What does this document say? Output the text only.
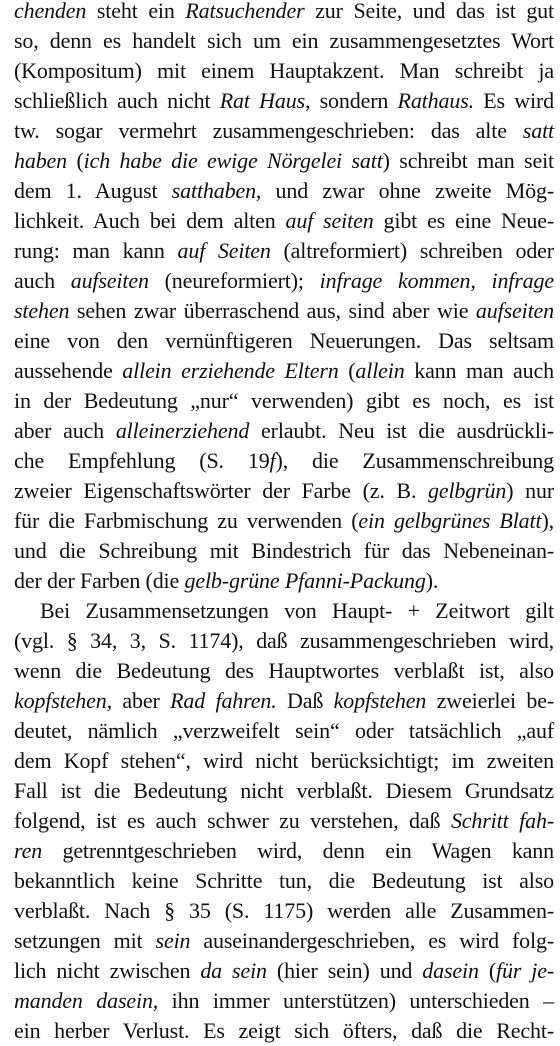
chenden steht ein Ratsuchender zur Seite, und das ist gut
so, denn es handelt sich um ein zusammengesetztes Wort
(Kompositum) mit einem Hauptakzent. Man schreibt ja
schließlich auch nicht Rat Haus, sondern Rathaus. Es wird
tw. sogar vermehrt zusammengeschrieben: das alte satt
haben (ich habe die ewige Nörgelei satt) schreibt man seit
dem 1. August satthaben, und zwar ohne zweite Mög-
lichkeit. Auch bei dem alten auf seiten gibt es eine Neue-
rung: man kann auf Seiten (altreformiert) schreiben oder
auch aufseiten (neureformiert); infrage kommen, infrage
stehen sehen zwar überraschend aus, sind aber wie aufseiten
eine von den vernünftigeren Neuerungen. Das seltsam
aussehende allein erziehende Eltern (allein kann man auch
in der Bedeutung „nur“ verwenden) gibt es noch, es ist
aber auch alleinerziehend erlaubt. Neu ist die ausdrückli-
che Empfehlung (S. 19f), die Zusammenschreibung
zweier Eigenschaftswörter der Farbe (z. B. gelbgrün) nur
für die Farbmischung zu verwenden (ein gelbgrünes Blatt),
und die Schreibung mit Bindestrich für das Nebeneinan-
der der Farben (die gelb-grüne Pfanni-Packung).
Bei Zusammensetzungen von Haupt- + Zeitwort gilt
(vgl. § 34, 3, S. 1174), daß zusammengeschrieben wird,
wenn die Bedeutung des Hauptwortes verblaßt ist, also
kopfstehen, aber Rad fahren. Daß kopfstehen zweierlei be-
deutet, nämlich „verzweifelt sein“ oder tatsächlich „auf
dem Kopf stehen“, wird nicht berücksichtigt; im zweiten
Fall ist die Bedeutung nicht verblaßt. Diesem Grundsatz
folgend, ist es auch schwer zu verstehen, daß Schritt fah-
ren getrenntgeschrieben wird, denn ein Wagen kann
bekanntlich keine Schritte tun, die Bedeutung ist also
verblaßt. Nach § 35 (S. 1175) werden alle Zusammen-
setzungen mit sein auseinandergeschrieben, es wird folg-
lich nicht zwischen da sein (hier sein) und dasein (für je-
manden dasein, ihn immer unterstützen) unterschieden –
ein herber Verlust. Es zeigt sich öfters, daß die Recht-
